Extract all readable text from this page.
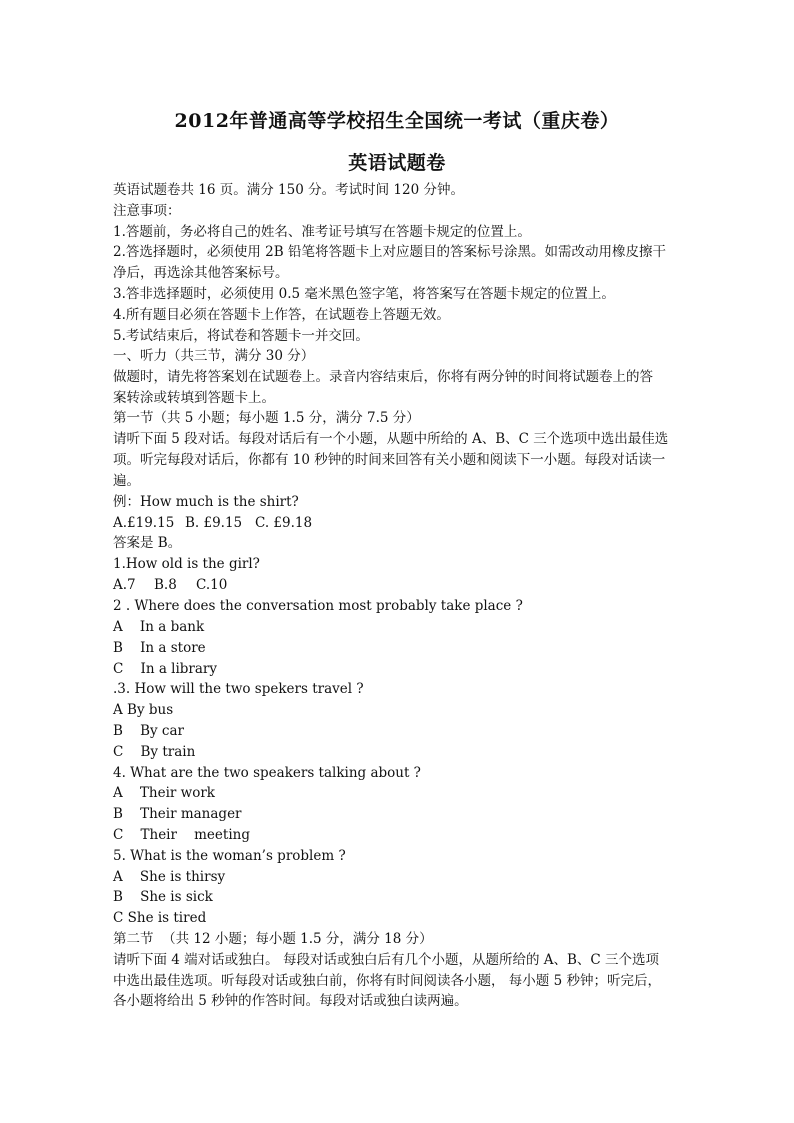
2012年普通高等学校招生全国统一考试（重庆卷）
英语试题卷
英语试题卷共 16 页。满分 150 分。考试时间 120 分钟。
注意事项：
1.答题前，务必将自己的姓名、准考证号填写在答题卡规定的位置上。
2.答选择题时，必须使用 2B 铅笔将答题卡上对应题目的答案标号涂黑。如需改动用橡皮擦干
净后，再选涂其他答案标号。
3.答非选择题时，必须使用 0.5 毫米黑色签字笔，将答案写在答题卡规定的位置上。
4.所有题目必须在答题卡上作答，在试题卷上答题无效。
5.考试结束后，将试卷和答题卡一并交回。
一、听力（共三节，满分 30 分）
做题时，请先将答案划在试题卷上。录音内容结束后，你将有两分钟的时间将试题卷上的答
案转涂或转填到答题卡上。
第一节（共 5 小题；每小题 1.5 分，满分 7.5 分）
请听下面 5 段对话。每段对话后有一个小题，从题中所给的 A、B、C 三个选项中选出最佳选
项。听完每段对话后，你都有 10 秒钟的时间来回答有关小题和阅读下一小题。每段对话读一
遍。
例：How much is the shirt?
A.£19.15 B. £9.15 C. £9.18
答案是 B。
1.How old is the girl?
A.7 B.8 C.10
2 . Where does the conversation most probably take place ?
A    In a bank
B    In a store
C    In a library
.3. How will the two spekers travel ?
A By bus
B    By car
C    By train
4. What are the two speakers talking about ?
A    Their work
B    Their manager
C    Their    meeting
5. What is the woman’s problem ?
A    She is thirsy
B    She is sick
C She is tired
第二节  （共 12 小题；每小题 1.5 分，满分 18 分）
请听下面 4 端对话或独白。 每段对话或独白后有几个小题，从题所给的 A、B、C 三个选项
中选出最佳选项。听每段对话或独白前，你将有时间阅读各小题， 每小题 5 秒钟；听完后，
各小题将给出 5 秒钟的作答时间。每段对话或独白读两遍。
